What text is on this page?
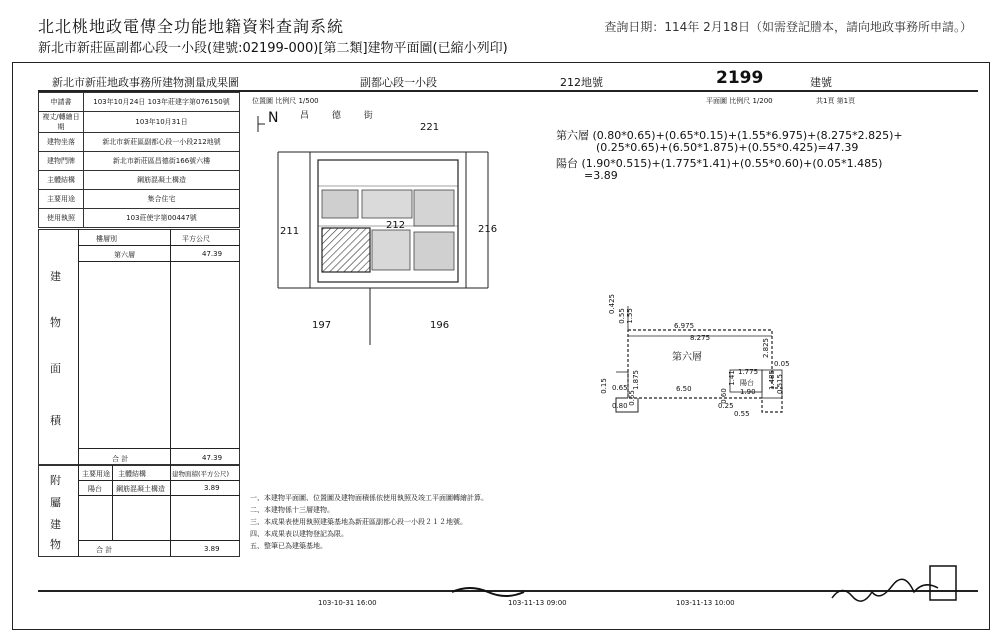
北北桃地政電傳全功能地籍資料查詢系統
新北市新莊區副都心段一小段(建號:02199-000)[第二類]建物平面圖(已縮小列印)
查詢日期：114年 2月18日（如需登記謄本，請向地政事務所申請。）
新北市新莊地政事務所建物測量成果圖	副都心段一小段	212地號	2199	建號
位置圖 比例尺 1/500	平面圖 比例尺 1/200	共1頁 第1頁
申請書	103年10月24日 103年莊建字第076150號
複丈/轉繪日期	103年10月31日
建物坐落	新北市新莊區副都心段一小段212地號
建物門牌	新北市新莊區昌德街166號六樓
主體結構	鋼筋混凝土構造
主要用途	集合住宅
使用執照	103莊使字第00447號
樓層別	平方公尺
第六層	47.39
建
物
面
積
合 計	47.39
主要用途 主體結構	建物面積(平方公尺)
陽台 鋼筋混凝土構造	3.89
附
屬
建
物	合 計	3.89
N 昌 德 街
221
211
212	216
197	196
第六層 (0.80*0.65)+(0.65*0.15)+(1.55*6.975)+(8.275*2.825)+
(0.25*0.65)+(6.50*1.875)+(0.55*0.425)=47.39
陽台 (1.90*0.515)+(1.775*1.41)+(0.55*0.60)+(0.05*1.485)
=3.89
第六層
陽台
6.975
8.275	2.825
0.05
1.485
1.775
1.41	0.515
0.15 0.65 1.875	6.50
0.80
0.65
0.25
1.90
0.55
0.60
0.425
0.55 1.55
一、本建物平面圖、位置圖及建物面積係依使用執照及竣工平面圖轉繪計算。
二、本建物係十三層建物。
三、本成果表使用執照建築基地為新莊區副都心段一小段２１２地號。
四、本成果表以建物登記為限。
五、整筆已為建築基地。
103-10-31 16:00	103-11-13 09:00	103-11-13 10:00
